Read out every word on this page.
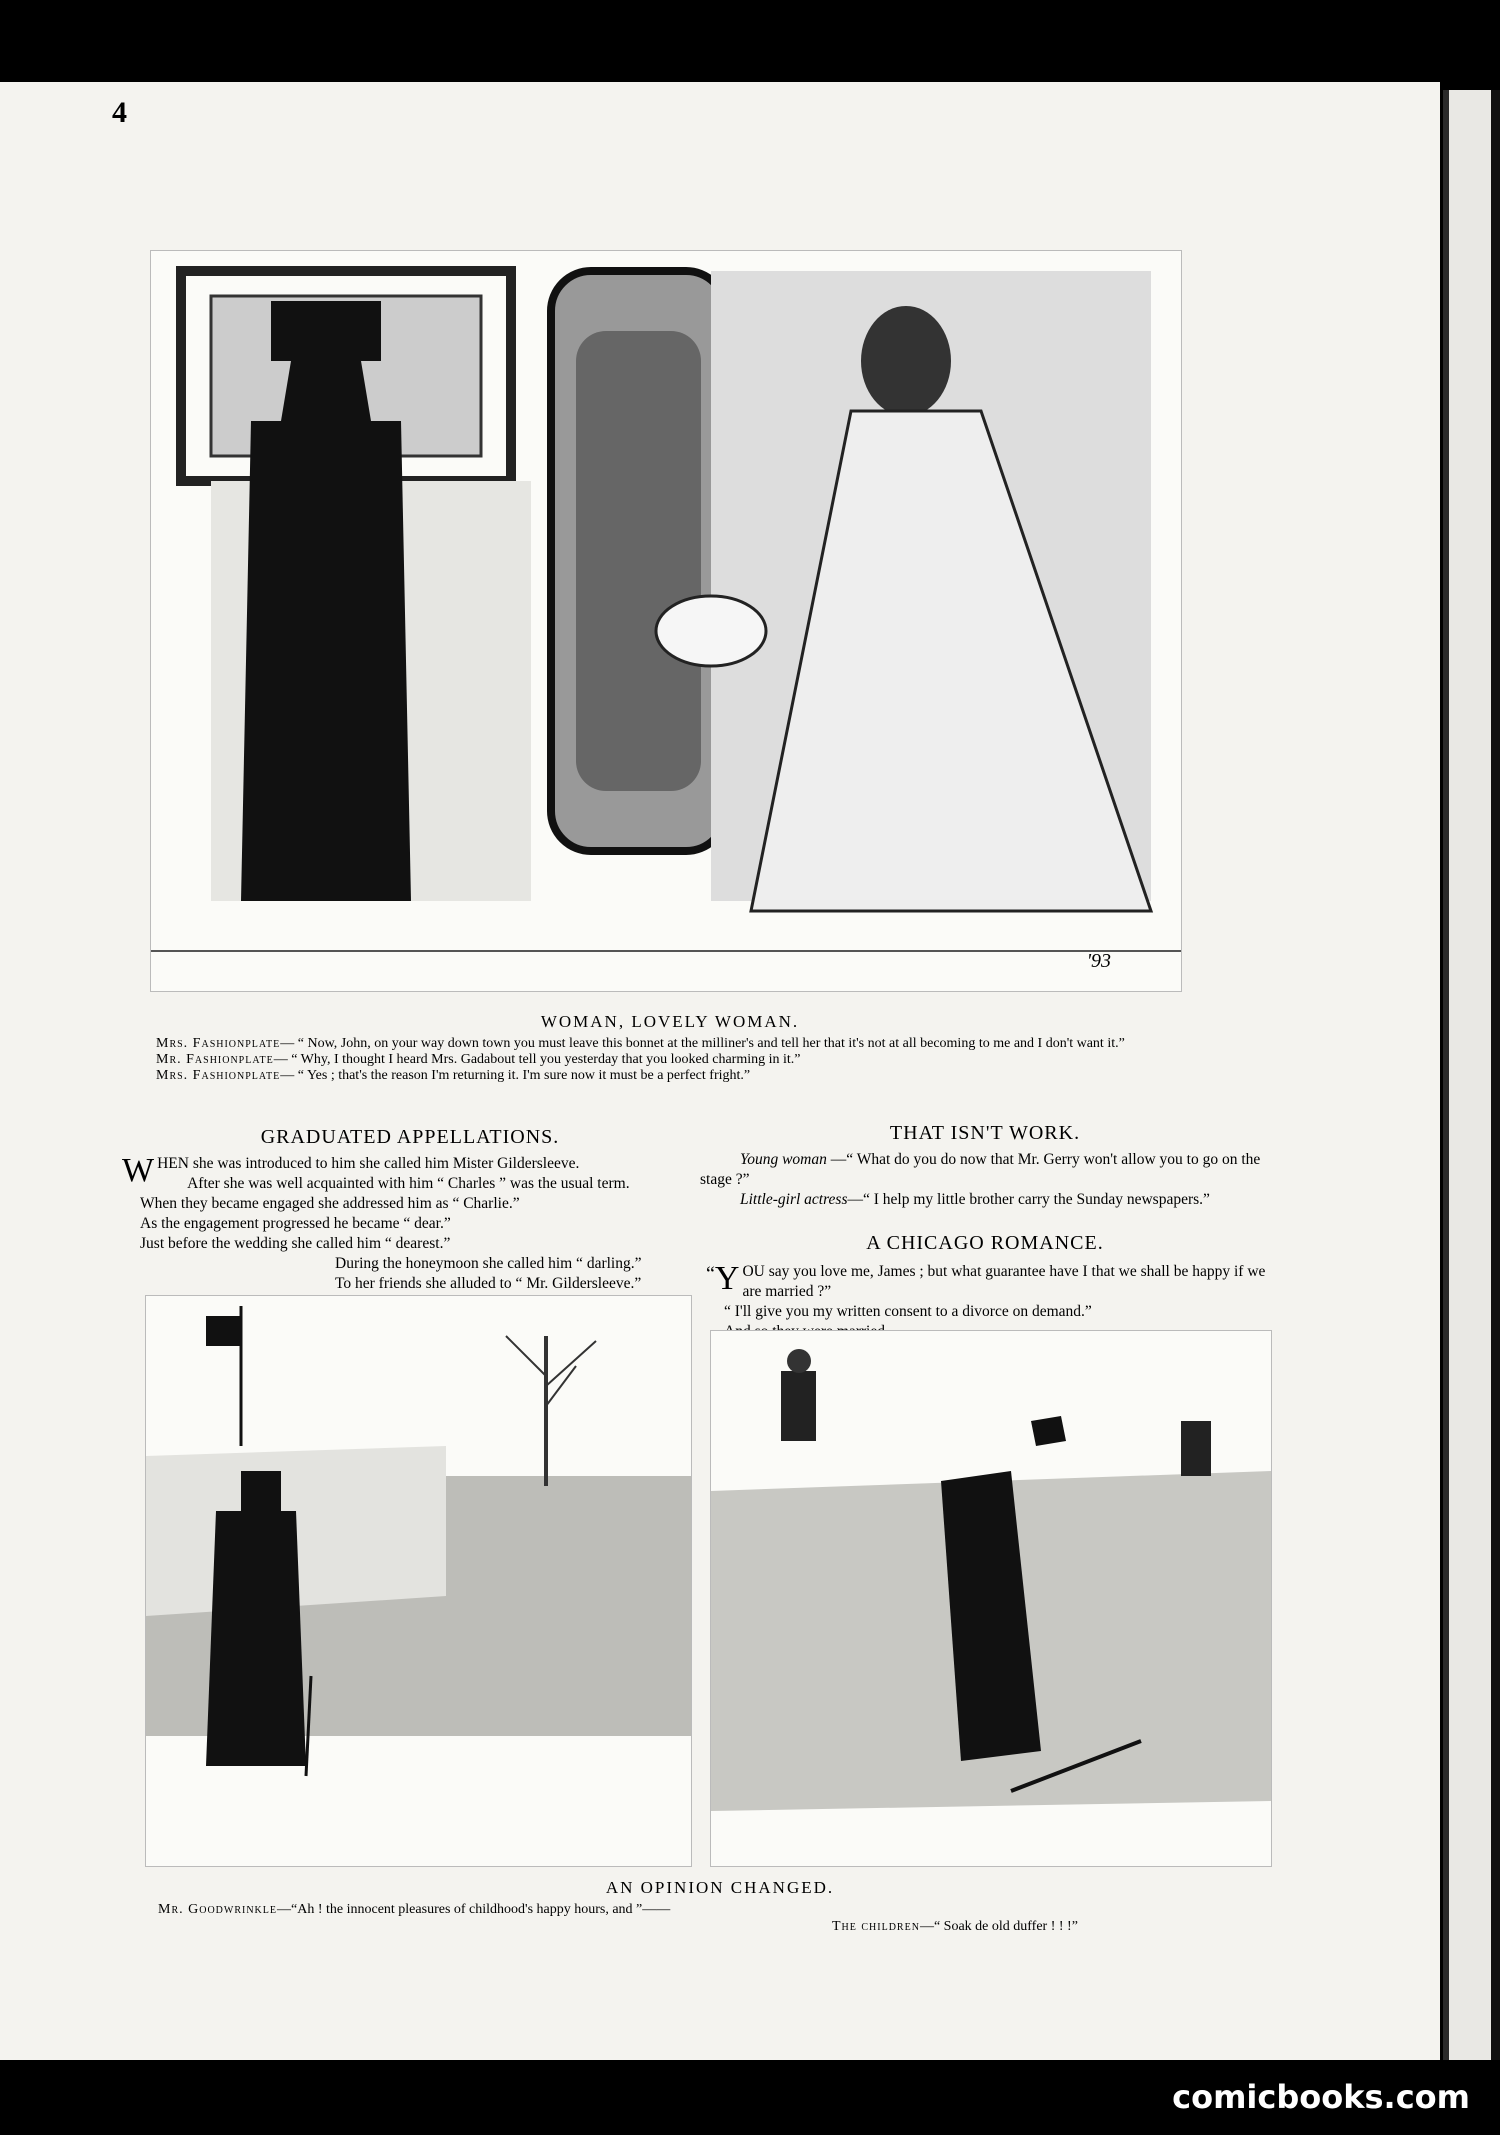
4
'93
WOMAN, LOVELY WOMAN.

Mrs. Fashionplate— “ Now, John, on your way down town you must leave this bonnet at the milliner's and tell her that it's not at all becoming to me and I don't want it.”

Mr. Fashionplate— “ Why, I thought I heard Mrs. Gadabout tell you yesterday that you looked charming in it.”

Mrs. Fashionplate— “ Yes ; that's the reason I'm returning it. I'm sure now it must be a perfect fright.”

GRADUATED APPELLATIONS.

WHEN she was introduced to him she called him Mister Gildersleeve.

After she was well acquainted with him “ Charles ” was the usual term.

When they became engaged she addressed him as “ Charlie.”

As the engagement progressed he became “ dear.”

Just before the wedding she called him “ dearest.”

During the honeymoon she called him “ darling.”

To her friends she alluded to “ Mr. Gildersleeve.”

THAT ISN'T WORK.

Young woman —“ What do you do now that Mr. Gerry won't allow you to go on the stage ?”

Little-girl actress—“ I help my little brother carry the Sunday newspapers.”

A CHICAGO ROMANCE.

“ Y OU say you love me, James ; but what guarantee have I that we shall be happy if we are married ?”

“ I'll give you my written consent to a divorce on demand.”

AN OPINION CHANGED.

Mr. Goodwrinkle—“Ah ! the innocent pleasures of childhood's happy hours, and ”——

The children—“ Soak de old duffer ! ! !”

comicbooks.com
